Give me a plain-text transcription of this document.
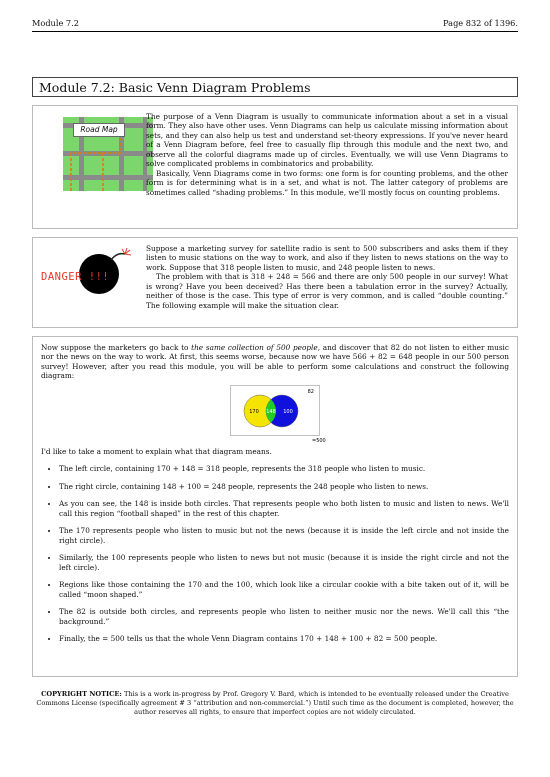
Module 7.2	Page 832 of 1396.
Module 7.2: Basic Venn Diagram Problems
Road Map

The purpose of a Venn Diagram is usually to communicate information about a set in a visual form. They also have other uses. Venn Diagrams can help us calculate missing information about sets, and they can also help us test and understand set-theory expressions. If you've never heard of a Venn Diagram before, feel free to casually flip through this module and the next two, and observe all the colorful diagrams made up of circles. Eventually, we will use Venn Diagrams to solve complicated problems in combinatorics and probability.

Basically, Venn Diagrams come in two forms: one form is for counting problems, and the other form is for determining what is in a set, and what is not. The latter category of problems are sometimes called “shading problems.” In this module, we'll mostly focus on counting problems.

DANGER !!!

Suppose a marketing survey for satellite radio is sent to 500 subscribers and asks them if they listen to music stations on the way to work, and also if they listen to news stations on the way to work. Suppose that 318 people listen to music, and 248 people listen to news.

The problem with that is 318 + 248 = 566 and there are only 500 people in our survey! What is wrong? Have you been deceived? Has there been a tabulation error in the survey? Actually, neither of those is the case. This type of error is very common, and is called “double counting.” The following example will make the situation clear.

Now suppose the marketers go back to the same collection of 500 people, and discover that 82 do not listen to either music nor the news on the way to work. At first, this seems worse, because now we have 566 + 82 = 648 people in our 500 person survey! However, after you read this module, you will be able to perform some calculations and construct the following diagram:

82
170 148 100
=500

I'd like to take a moment to explain what that diagram means.

• The left circle, containing 170 + 148 = 318 people, represents the 318 people who listen to music.
• The right circle, containing 148 + 100 = 248 people, represents the 248 people who listen to news.
• As you can see, the 148 is inside both circles. That represents people who both listen to music and listen to news. We'll call this region “football shaped” in the rest of this chapter.
• The 170 represents people who listen to music but not the news (because it is inside the left circle and not inside the right circle).
• Similarly, the 100 represents people who listen to news but not music (because it is inside the right circle and not the left circle).
• Regions like those containing the 170 and the 100, which look like a circular cookie with a bite taken out of it, will be called “moon shaped.”
• The 82 is outside both circles, and represents people who listen to neither music nor the news. We'll call this “the background.”
• Finally, the = 500 tells us that the whole Venn Diagram contains 170 + 148 + 100 + 82 = 500 people.
COPYRIGHT NOTICE: This is a work in-progress by Prof. Gregory V. Bard, which is intended to be eventually released under the Creative Commons License (specifically agreement # 3 “attribution and non-commercial.”) Until such time as the document is completed, however, the author reserves all rights, to ensure that imperfect copies are not widely circulated.
